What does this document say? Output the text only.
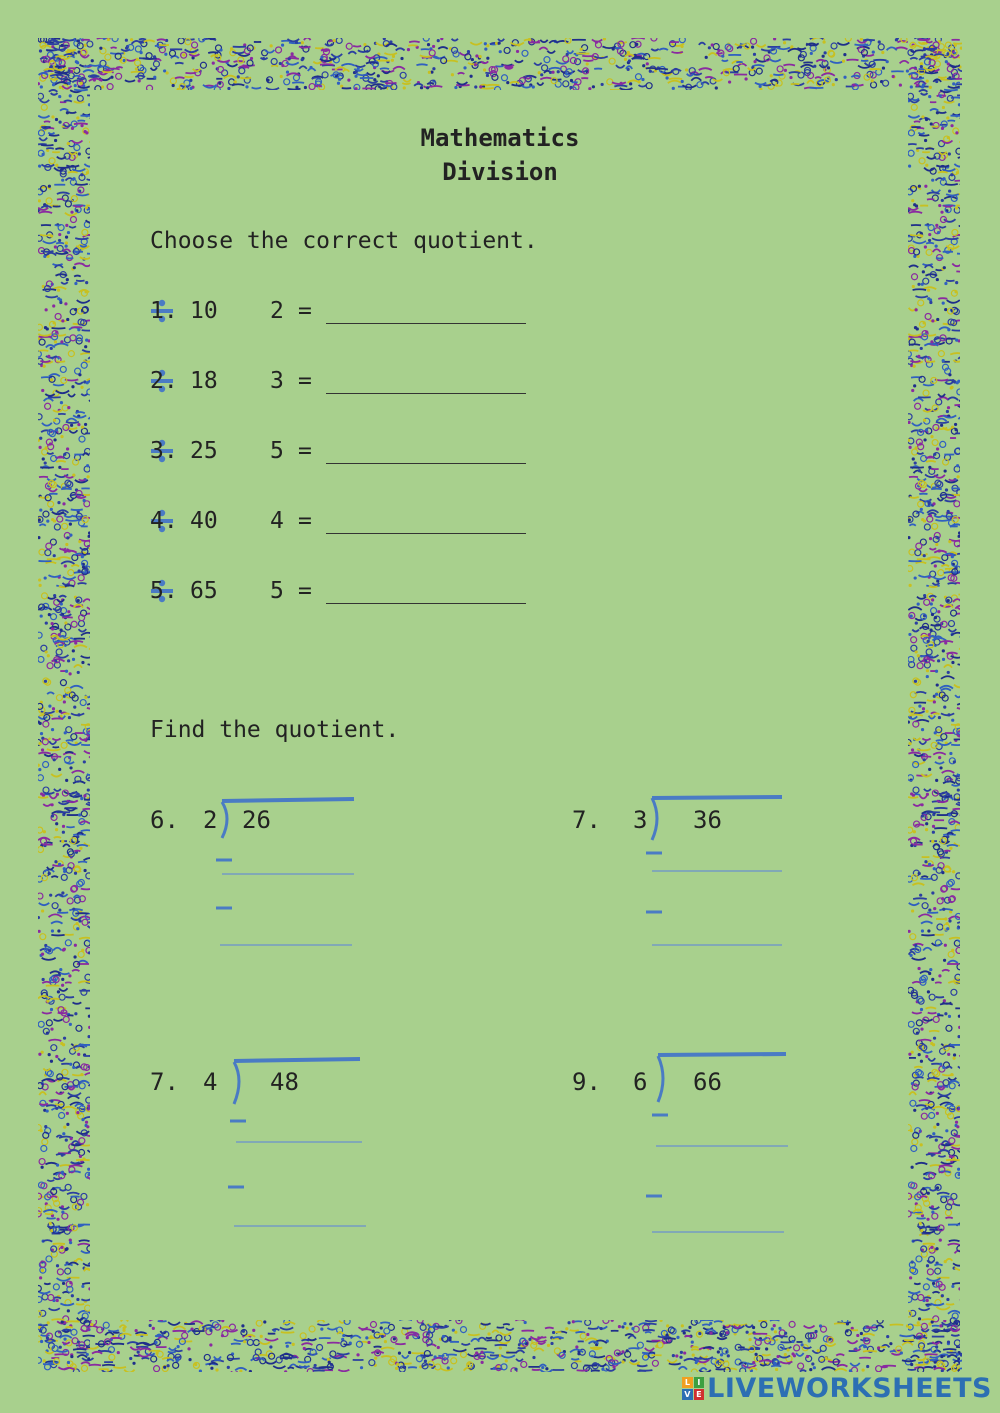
Mathematics
Division
Choose the correct quotient.
1. 10 2 =
2. 18 3 =
3. 25 5 =
4. 40 4 =
5. 65 5 =
Find the quotient.
6. 2 26	7. 3 36
7. 4 48	9. 6 66
L I
V E LIVEWORKSHEETS
